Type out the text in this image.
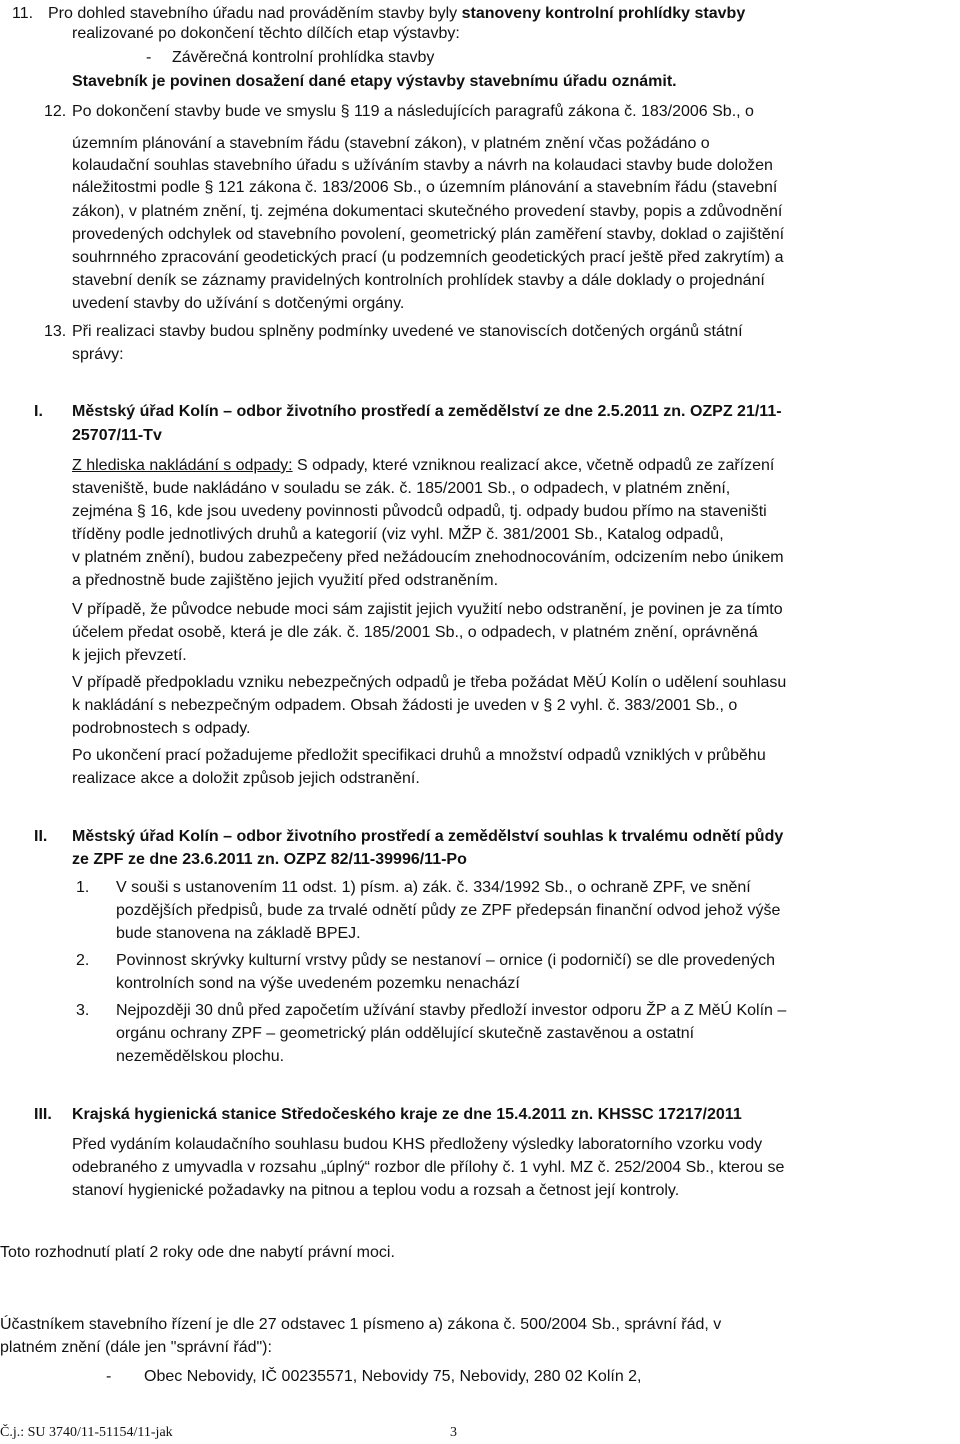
11. Pro dohled stavebního úřadu nad prováděním stavby byly stanoveny kontrolní prohlídky stavby
realizované po dokončení těchto dílčích etap výstavby:
- Závěrečná kontrolní prohlídka stavby
Stavebník je povinen dosažení dané etapy výstavby stavebnímu úřadu oznámit.
12. Po dokončení stavby bude ve smyslu § 119 a následujících paragrafů zákona č. 183/2006 Sb., o
územním plánování a stavebním řádu (stavební zákon), v platném znění včas požádáno o
kolaudační souhlas stavebního úřadu s užíváním stavby a návrh na kolaudaci stavby bude doložen
náležitostmi podle § 121 zákona č. 183/2006 Sb., o územním plánování a stavebním řádu (stavební
zákon), v platném znění, tj. zejména dokumentaci skutečného provedení stavby, popis a zdůvodnění
provedených odchylek od stavebního povolení, geometrický plán zaměření stavby, doklad o zajištění
souhrnného zpracování geodetických prací (u podzemních geodetických prací ještě před zakrytím) a
stavební deník se záznamy pravidelných kontrolních prohlídek stavby a dále doklady o projednání
uvedení stavby do užívání s dotčenými orgány.
13. Při realizaci stavby budou splněny podmínky uvedené ve stanoviscích dotčených orgánů státní
správy:
I. Městský úřad Kolín – odbor životního prostředí a zemědělství ze dne 2.5.2011 zn. OZPZ 21/11-
25707/11-Tv
Z hlediska nakládání s odpady: S odpady, které vzniknou realizací akce, včetně odpadů ze zařízení
staveniště, bude nakládáno v souladu se zák. č. 185/2001 Sb., o odpadech, v platném znění,
zejména § 16, kde jsou uvedeny povinnosti původců odpadů, tj. odpady budou přímo na staveništi
tříděny podle jednotlivých druhů a kategorií (viz vyhl. MŽP č. 381/2001 Sb., Katalog odpadů,
v platném znění), budou zabezpečeny před nežádoucím znehodnocováním, odcizením nebo únikem
a přednostně bude zajištěno jejich využití před odstraněním.
V případě, že původce nebude moci sám zajistit jejich využití nebo odstranění, je povinen je za tímto
účelem předat osobě, která je dle zák. č. 185/2001 Sb., o odpadech, v platném znění, oprávněná
k jejich převzetí.
V případě předpokladu vzniku nebezpečných odpadů je třeba požádat MěÚ Kolín o udělení souhlasu
k nakládání s nebezpečným odpadem. Obsah žádosti je uveden v § 2 vyhl. č. 383/2001 Sb., o
podrobnostech s odpady.
Po ukončení prací požadujeme předložit specifikaci druhů a množství odpadů vzniklých v průběhu
realizace akce a doložit způsob jejich odstranění.
II. Městský úřad Kolín – odbor životního prostředí a zemědělství souhlas k trvalému odnětí půdy
ze ZPF ze dne 23.6.2011 zn. OZPZ 82/11-39996/11-Po
1. V souši s ustanovením 11 odst. 1) písm. a) zák. č. 334/1992 Sb., o ochraně ZPF, ve snění
pozdějších předpisů, bude za trvalé odnětí půdy ze ZPF předepsán finanční odvod jehož výše
bude stanovena na základě BPEJ.
2. Povinnost skrývky kulturní vrstvy půdy se nestanoví – ornice (i podorničí) se dle provedených
kontrolních sond na výše uvedeném pozemku nenachází
3. Nejpozději 30 dnů před započetím užívání stavby předloží investor odporu ŽP a Z MěÚ Kolín –
orgánu ochrany ZPF – geometrický plán oddělující skutečně zastavěnou a ostatní
nezemědělskou plochu.
III. Krajská hygienická stanice Středočeského kraje ze dne 15.4.2011 zn. KHSSC 17217/2011
Před vydáním kolaudačního souhlasu budou KHS předloženy výsledky laboratorního vzorku vody
odebraného z umyvadla v rozsahu „úplný“ rozbor dle přílohy č. 1 vyhl. MZ č. 252/2004 Sb., kterou se
stanoví hygienické požadavky na pitnou a teplou vodu a rozsah a četnost její kontroly.
Toto rozhodnutí platí 2 roky ode dne nabytí právní moci.
Účastníkem stavebního řízení je dle 27 odstavec 1 písmeno a) zákona č. 500/2004 Sb., správní řád, v
platném znění (dále jen "správní řád"):
- Obec Nebovidy, IČ 00235571, Nebovidy 75, Nebovidy, 280 02 Kolín 2,
Č.j.: SU 3740/11-51154/11-jak	3
